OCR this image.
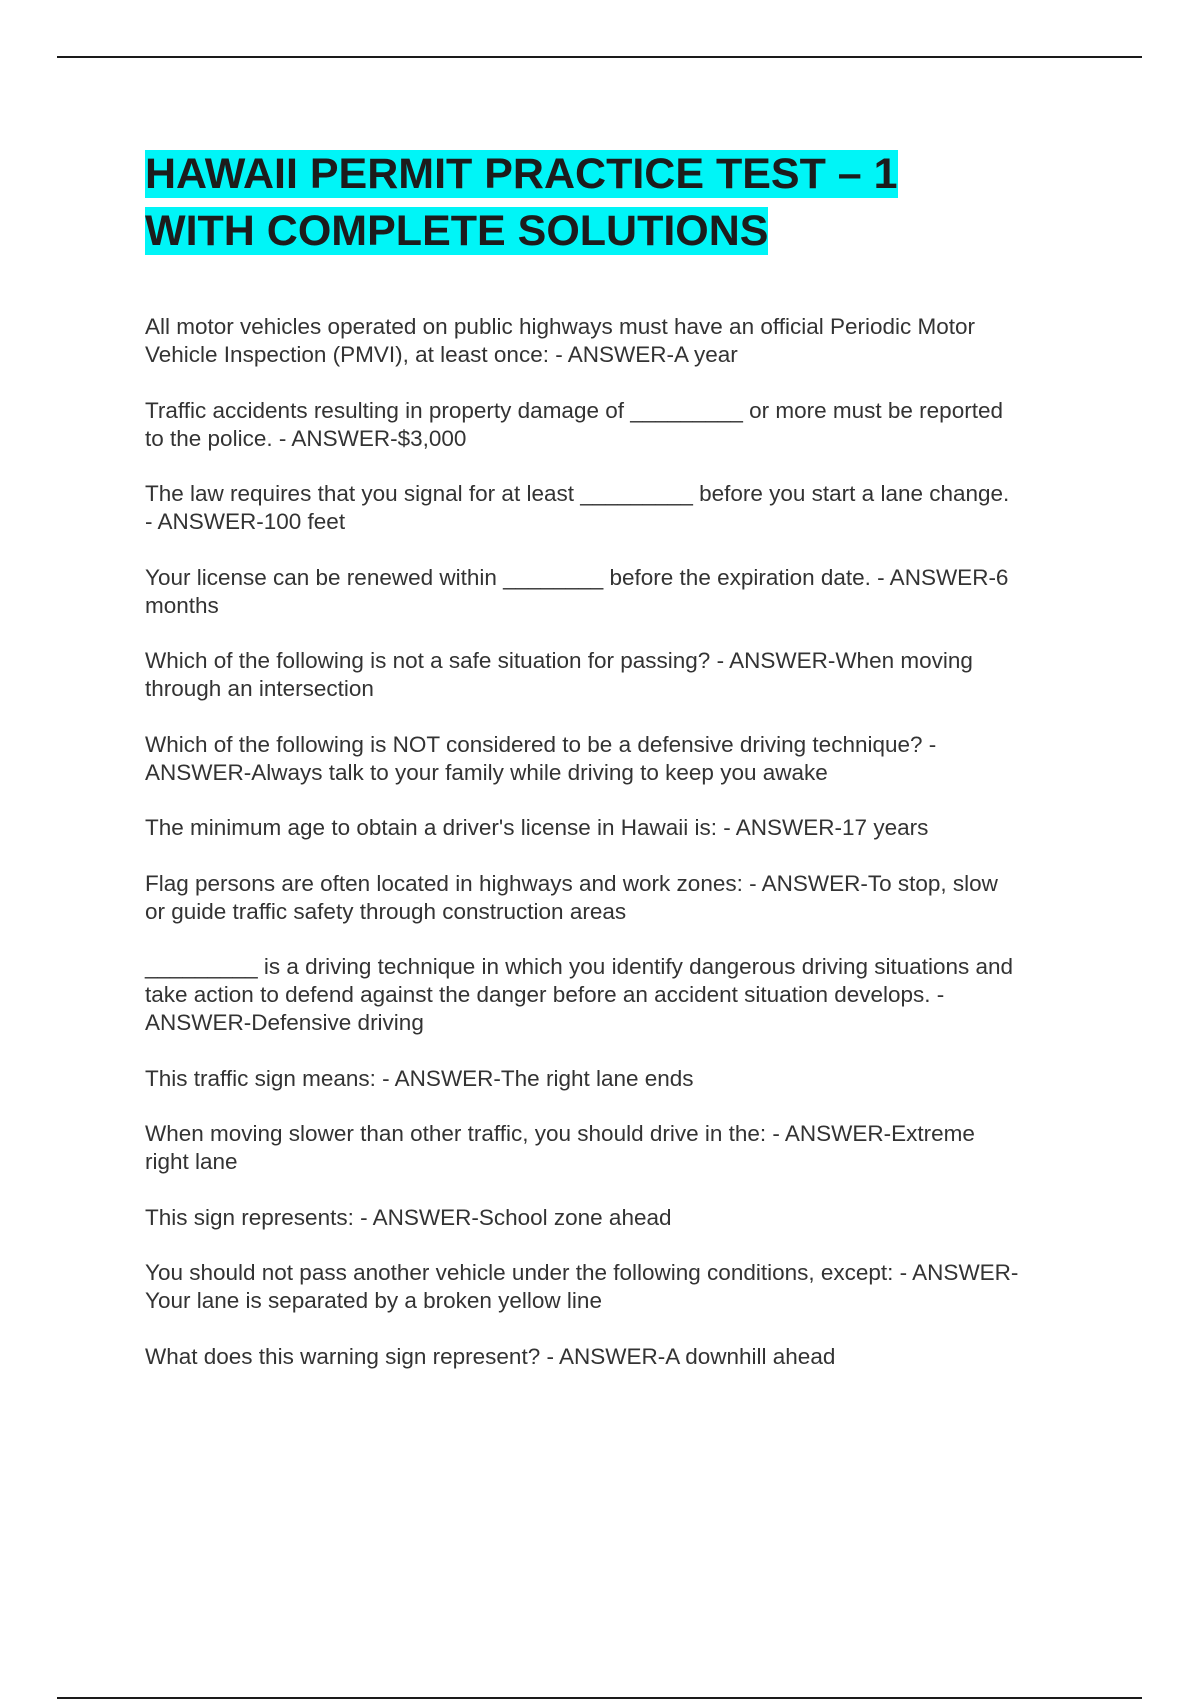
HAWAII PERMIT PRACTICE TEST – 1
WITH COMPLETE SOLUTIONS

All motor vehicles operated on public highways must have an official Periodic Motor
Vehicle Inspection (PMVI), at least once: - ANSWER-A year

Traffic accidents resulting in property damage of _________ or more must be reported
to the police. - ANSWER-$3,000

The law requires that you signal for at least _________ before you start a lane change.
- ANSWER-100 feet

Your license can be renewed within ________ before the expiration date. - ANSWER-6
months

Which of the following is not a safe situation for passing? - ANSWER-When moving
through an intersection

Which of the following is NOT considered to be a defensive driving technique? -
ANSWER-Always talk to your family while driving to keep you awake

The minimum age to obtain a driver's license in Hawaii is: - ANSWER-17 years

Flag persons are often located in highways and work zones: - ANSWER-To stop, slow
or guide traffic safety through construction areas

_________ is a driving technique in which you identify dangerous driving situations and
take action to defend against the danger before an accident situation develops. -
ANSWER-Defensive driving

This traffic sign means: - ANSWER-The right lane ends

When moving slower than other traffic, you should drive in the: - ANSWER-Extreme
right lane

This sign represents: - ANSWER-School zone ahead

You should not pass another vehicle under the following conditions, except: - ANSWER-
Your lane is separated by a broken yellow line

What does this warning sign represent? - ANSWER-A downhill ahead
